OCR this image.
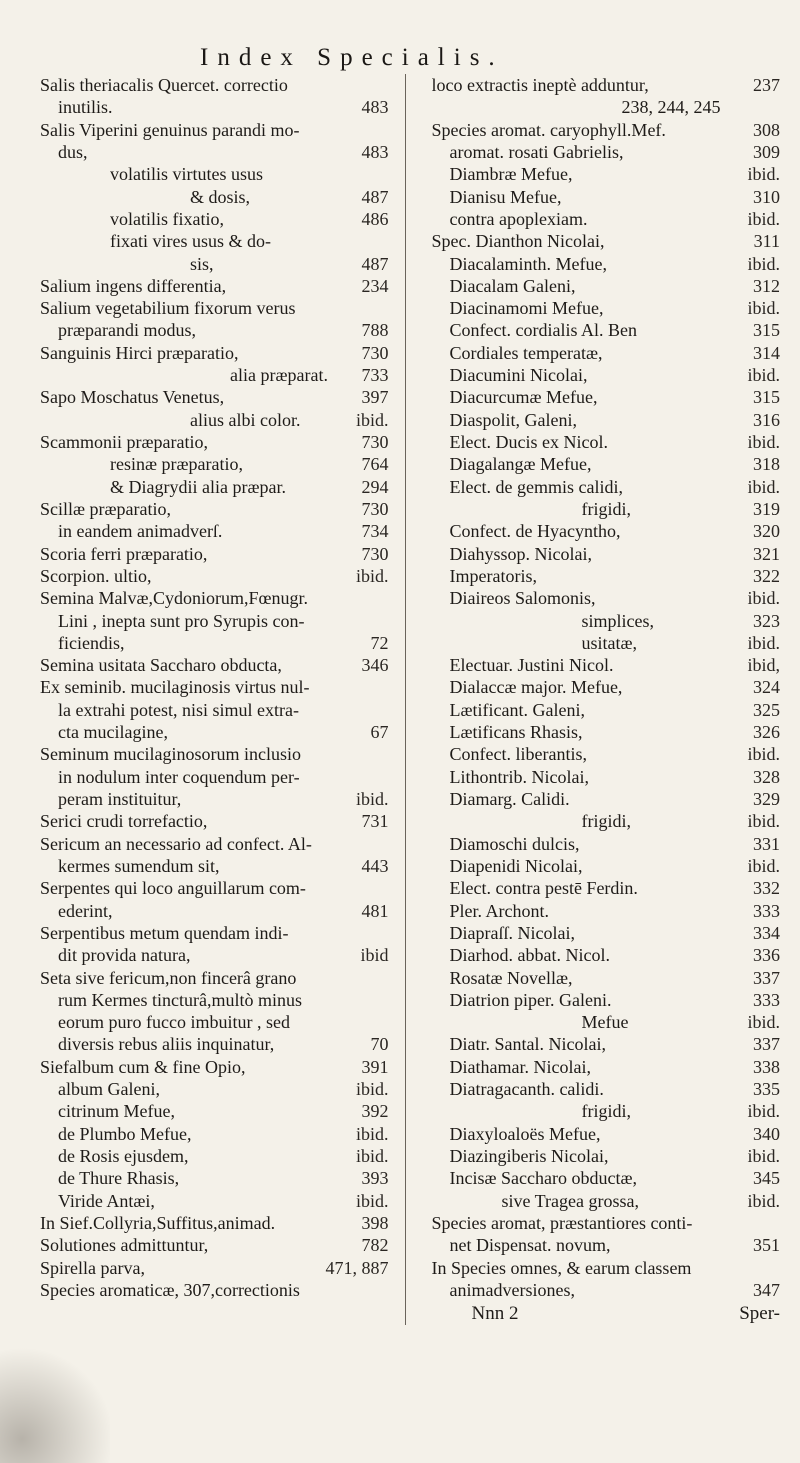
Index Specialis.
Salis theriacalis Quercet. correctio
inutilis.	483
Salis Viperini genuinus parandi mo-
dus,	483
volatilis virtutes usus
& dosis,	487
volatilis fixatio,	486
fixati vires usus & do-
sis,	487
Salium ingens differentia,	234
Salium vegetabilium fixorum verus
præparandi modus,	788
Sanguinis Hirci præparatio,	730
alia præparat.	733
Sapo Moschatus Venetus,	397
alius albi color.	ibid.
Scammonii præparatio,	730
resinæ præparatio,	764
& Diagrydii alia præpar.	294
Scillæ præparatio,	730
in eandem animadverſ.	734
Scoria ferri præparatio,	730
Scorpion. ultio,	ibid.
Semina Malvæ,Cydoniorum,Fœnugr.
Lini , inepta sunt pro Syrupis con-
ficiendis,	72
Semina usitata Saccharo obducta,	346
Ex seminib. mucilaginosis virtus nul-
la extrahi potest, nisi simul extra-
cta mucilagine,	67
Seminum mucilaginosorum inclusio
in nodulum inter coquendum per-
peram instituitur,	ibid.
Serici crudi torrefactio,	731
Sericum an necessario ad confect. Al-
kermes sumendum sit,	443
Serpentes qui loco anguillarum com-
ederint,	481
Serpentibus metum quendam indi-
dit provida natura,	ibid
Seta sive fericum,non fincerâ grano
rum Kermes tincturâ,multò minus
eorum puro fucco imbuitur , sed
diversis rebus aliis inquinatur,	70
Siefalbum cum & fine Opio,	391
album Galeni,	ibid.
citrinum Mefue,	392
de Plumbo Mefue,	ibid.
de Rosis ejusdem,	ibid.
de Thure Rhasis,	393
Viride Antæi,	ibid.
In Sief.Collyria,Suffitus,animad.	398
Solutiones admittuntur,	782
Spirella parva,	471, 887
Species aromaticæ, 307,correctionis
loco extractis ineptè adduntur,	237
238, 244, 245
Species aromat. caryophyll.Mef.	308
aromat. rosati Gabrielis,	309
Diambræ Mefue,	ibid.
Dianisu Mefue,	310
contra apoplexiam.	ibid.
Spec. Dianthon Nicolai,	311
Diacalaminth. Mefue,	ibid.
Diacalam Galeni,	312
Diacinamomi Mefue,	ibid.
Confect. cordialis Al. Ben	315
Cordiales temperatæ,	314
Diacumini Nicolai,	ibid.
Diacurcumæ Mefue,	315
Diaspolit, Galeni,	316
Elect. Ducis ex Nicol.	ibid.
Diagalangæ Mefue,	318
Elect. de gemmis calidi,	ibid.
frigidi,	319
Confect. de Hyacyntho,	320
Diahyssop. Nicolai,	321
Imperatoris,	322
Diaireos Salomonis,	ibid.
simplices,	323
usitatæ,	ibid.
Electuar. Justini Nicol.	ibid,
Dialaccæ major. Mefue,	324
Lætificant. Galeni,	325
Lætificans Rhasis,	326
Confect. liberantis,	ibid.
Lithontrib. Nicolai,	328
Diamarg. Calidi.	329
frigidi,	ibid.
Diamoschi dulcis,	331
Diapenidi Nicolai,	ibid.
Elect. contra pestē Ferdin.	332
Pler. Archont.	333
Diapraſſ. Nicolai,	334
Diarhod. abbat. Nicol.	336
Rosatæ Novellæ,	337
Diatrion piper. Galeni.	333
Mefue	ibid.
Diatr. Santal. Nicolai,	337
Diathamar. Nicolai,	338
Diatragacanth. calidi.	335
frigidi,	ibid.
Diaxyloaloës Mefue,	340
Diazingiberis Nicolai,	ibid.
Incisæ Saccharo obductæ,	345
sive Tragea grossa,	ibid.
Species aromat, præstantiores conti-
net Dispensat. novum,	351
In Species omnes, & earum classem
animadversiones,	347
Nnn 2	Sper-
